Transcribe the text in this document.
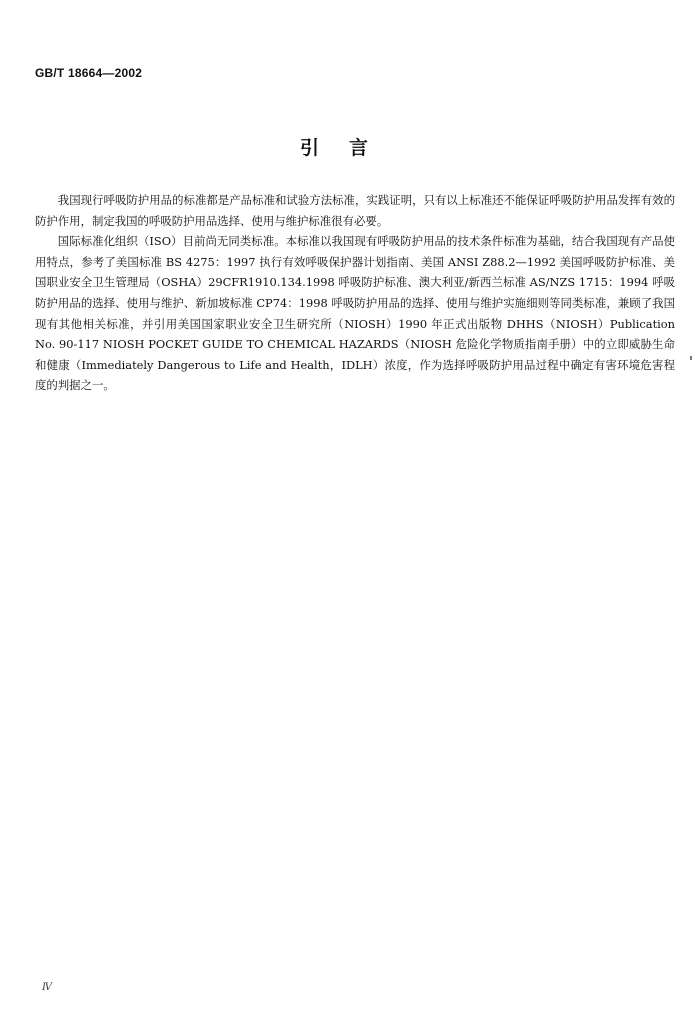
GB/T 18664—2002
引言

我国现行呼吸防护用品的标准都是产品标准和试验方法标准，实践证明，只有以上标准还不能保证呼吸防护用品发挥有效的防护作用，制定我国的呼吸防护用品选择、使用与维护标准很有必要。

国际标准化组织（ISO）目前尚无同类标准。本标准以我国现有呼吸防护用品的技术条件标准为基础，结合我国现有产品使用特点，参考了美国标准 BS 4275：1997 执行有效呼吸保护器计划指南、美国 ANSI Z88.2—1992 美国呼吸防护标准、美国职业安全卫生管理局（OSHA）29CFR1910.134.1998 呼吸防护标准、澳大利亚/新西兰标准 AS/NZS 1715：1994 呼吸防护用品的选择、使用与维护、新加坡标准 CP74：1998 呼吸防护用品的选择、使用与维护实施细则等同类标准，兼顾了我国现有其他相关标准，并引用美国国家职业安全卫生研究所（NIOSH）1990 年正式出版物 DHHS（NIOSH）Publication No. 90-117 NIOSH POCKET GUIDE TO CHEMICAL HAZARDS（NIOSH 危险化学物质指南手册）中的立即威胁生命和健康（Immediately Dangerous to Life and Health，IDLH）浓度，作为选择呼吸防护用品过程中确定有害环境危害程度的判据之一。

Ⅳ
